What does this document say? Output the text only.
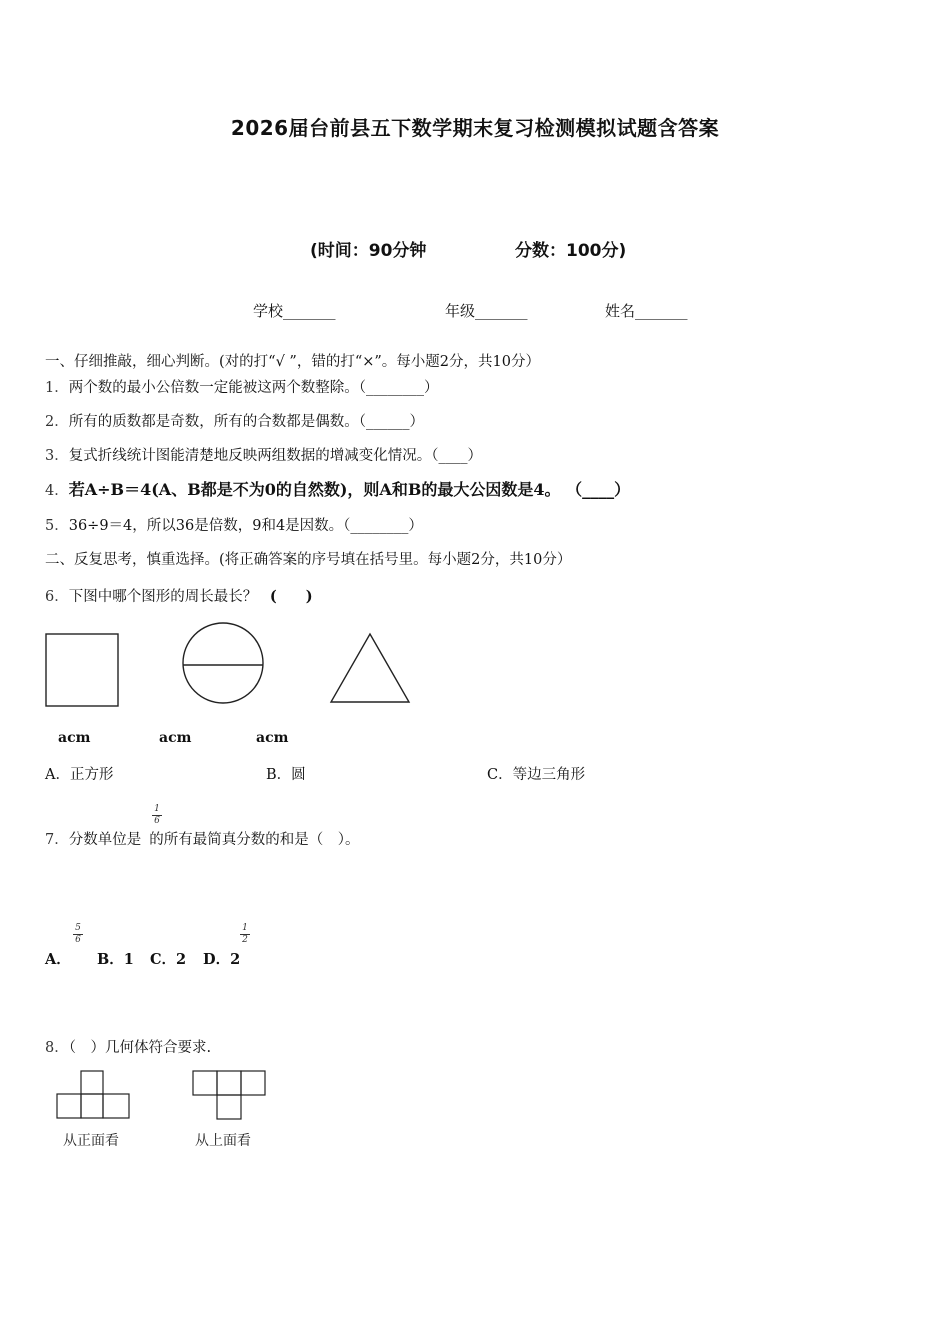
2026届台前县五下数学期末复习检测模拟试题含答案
(时间：90分钟	分数：100分)
学校_______	年级_______	姓名_______
一、仔细推敲，细心判断。(对的打“√ ”，错的打“×”。每小题2分，共10分）
1．两个数的最小公倍数一定能被这两个数整除。（________）
2．所有的质数都是奇数，所有的合数都是偶数。（______）
3．复式折线统计图能清楚地反映两组数据的增减变化情况。（____）
4．若A÷B＝4(A、B都是不为0的自然数)，则A和B的最大公因数是4。 （____）
5．36÷9＝4，所以36是倍数，9和4是因数。（________）
二、反复思考，慎重选择。(将正确答案的序号填在括号里。每小题2分，共10分）
6．下图中哪个图形的周长最长？ (　　)
acm	acm	acm
A．正方形	B．圆	C．等边三角形
7．分数单位是 的所有最简真分数的和是（　）。
1
6
A．
5
6
B．1 C．2 D．2
1
2
8．（　）几何体符合要求.
从正面看	从上面看
